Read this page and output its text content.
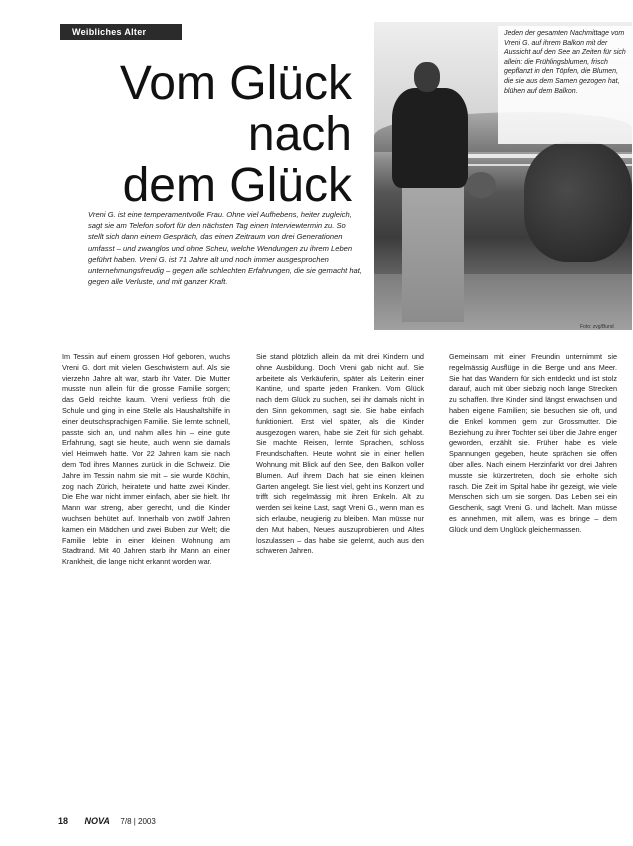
Weibliches Alter
Vom Glück
nach
dem Glück
Vreni G. ist eine temperamentvolle Frau. Ohne viel Aufhebens, heiter zugleich, sagt sie am Telefon sofort für den nächsten Tag einen Interviewtermin zu. So stellt sich dann einem Gespräch, das einen Zeitraum von drei Generationen umfasst – und zwanglos und ohne Scheu, welche Wendungen zu ihrem Leben geführt haben. Vreni G. ist 71 Jahre alt und noch immer ausgesprochen unternehmungsfreudig – gegen alle schlechten Erfahrungen, die sie gemacht hat, gegen alle Verluste, und mit ganzer Kraft.
Jeden der gesamten Nachmittage vom Vreni G. auf ihrem Balkon mit der Aussicht auf den See an Zeiten für sich allein: die Frühlingsblumen, frisch gepflanzt in den Töpfen, die Blumen, die sie aus dem Samen gezogen hat, blühen auf dem Balkon.
Foto: zvg/Bund

Im Tessin auf einem grossen Hof geboren, wuchs Vreni G. dort mit vielen Geschwistern auf. Als sie vierzehn Jahre alt war, starb ihr Vater. Die Mutter musste nun allein für die grosse Familie sorgen; das Geld reichte kaum. Vreni verliess früh die Schule und ging in eine Stelle als Haushaltshilfe in einer deutschsprachigen Familie. Sie lernte schnell, passte sich an, und nahm alles hin – eine gute Erfahrung, sagt sie heute, auch wenn sie damals viel Heimweh hatte. Vor 22 Jahren kam sie nach dem Tod ihres Mannes zurück in die Schweiz. Die Jahre im Tessin nahm sie mit – sie wurde Köchin, zog nach Zürich, heiratete und hatte zwei Kinder. Die Ehe war nicht immer einfach, aber sie hielt. Ihr Mann war streng, aber gerecht, und die Kinder wuchsen behütet auf. Innerhalb von zwölf Jahren kamen ein Mädchen und zwei Buben zur Welt; die Familie lebte in einer kleinen Wohnung am Stadtrand. Mit 40 Jahren starb ihr Mann an einer Krankheit, die lange nicht erkannt worden war.

Sie stand plötzlich allein da mit drei Kindern und ohne Ausbildung. Doch Vreni gab nicht auf. Sie arbeitete als Verkäuferin, später als Leiterin einer Kantine, und sparte jeden Franken. Vom Glück nach dem Glück zu suchen, sei ihr damals nicht in den Sinn gekommen, sagt sie. Sie habe einfach funktioniert. Erst viel später, als die Kinder ausgezogen waren, habe sie Zeit für sich gehabt. Sie machte Reisen, lernte Sprachen, schloss Freundschaften. Heute wohnt sie in einer hellen Wohnung mit Blick auf den See, den Balkon voller Blumen. Auf ihrem Dach hat sie einen kleinen Garten angelegt. Sie liest viel, geht ins Konzert und trifft sich regelmässig mit ihren Enkeln. Alt zu werden sei keine Last, sagt Vreni G., wenn man es sich erlaube, neugierig zu bleiben. Man müsse nur den Mut haben, Neues auszuprobieren und Altes loszulassen – das habe sie gelernt, auch aus den schweren Jahren.

Gemeinsam mit einer Freundin unternimmt sie regelmässig Ausflüge in die Berge und ans Meer. Sie hat das Wandern für sich entdeckt und ist stolz darauf, auch mit über siebzig noch lange Strecken zu schaffen. Ihre Kinder sind längst erwachsen und haben eigene Familien; sie besuchen sie oft, und die Enkel kommen gern zur Grossmutter. Die Beziehung zu ihrer Tochter sei über die Jahre enger geworden, erzählt sie. Früher habe es viele Spannungen gegeben, heute sprächen sie offen über alles. Nach einem Herzinfarkt vor drei Jahren musste sie kürzertreten, doch sie erholte sich rasch. Die Zeit im Spital habe ihr gezeigt, wie viele Menschen sich um sie sorgen. Das Leben sei ein Geschenk, sagt Vreni G. und lächelt. Man müsse es annehmen, mit allem, was es bringe – dem Glück und dem Unglück gleichermassen.

18 NOVA 7/8 | 2003
